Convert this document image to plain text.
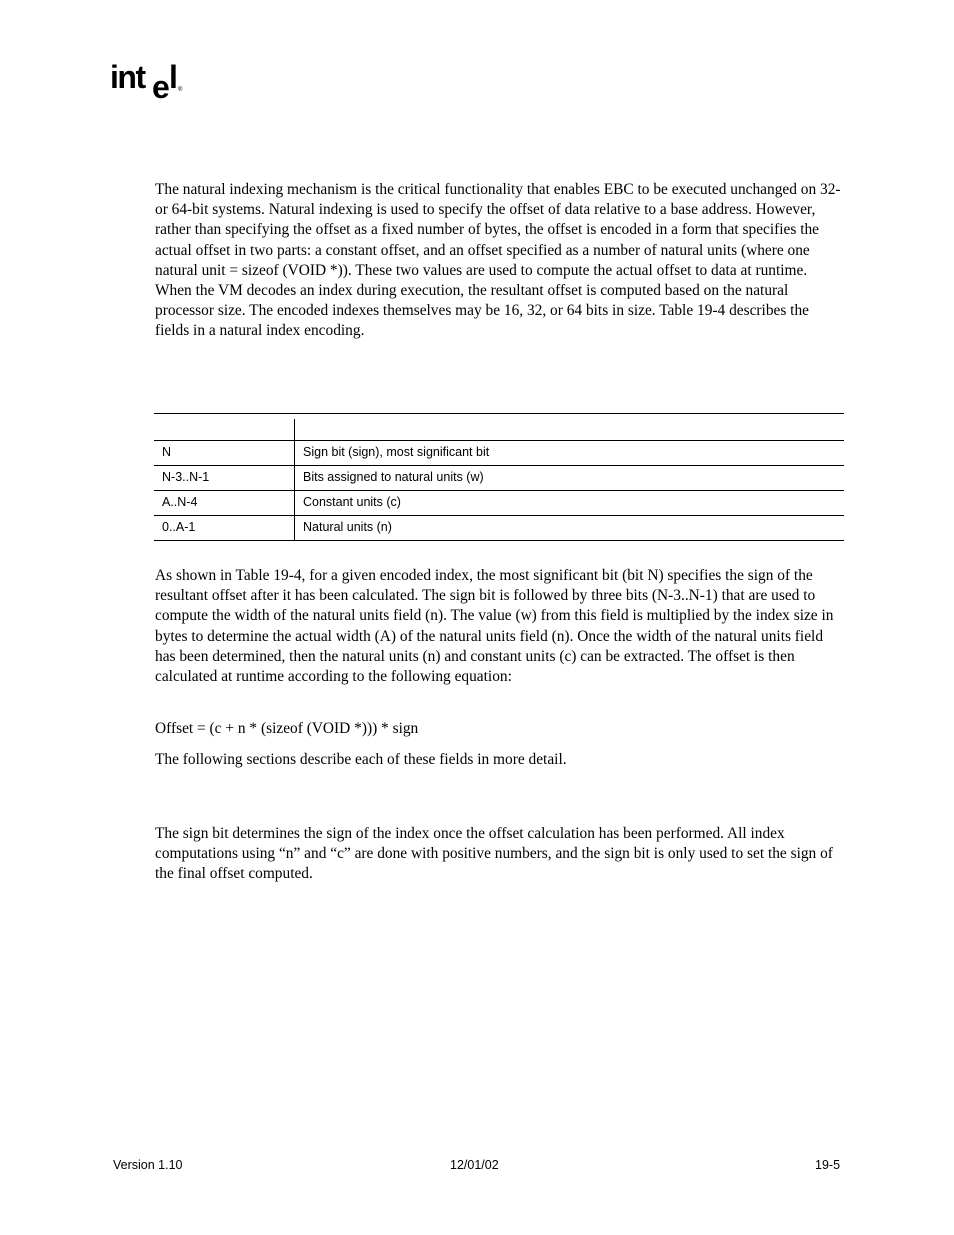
int e l ®
The natural indexing mechanism is the critical functionality that enables EBC to be executed unchanged on 32- or 64-bit systems. Natural indexing is used to specify the offset of data relative to a base address. However, rather than specifying the offset as a fixed number of bytes, the offset is encoded in a form that specifies the actual offset in two parts: a constant offset, and an offset specified as a number of natural units (where one natural unit = sizeof (VOID *)). These two values are used to compute the actual offset to data at runtime. When the VM decodes an index during execution, the resultant offset is computed based on the natural processor size. The encoded indexes themselves may be 16, 32, or 64 bits in size. Table 19-4 describes the fields in a natural index encoding.
N	Sign bit (sign), most significant bit
N-3..N-1	Bits assigned to natural units (w)
A..N-4	Constant units (c)
0..A-1	Natural units (n)
As shown in Table 19-4, for a given encoded index, the most significant bit (bit N) specifies the sign of the resultant offset after it has been calculated. The sign bit is followed by three bits (N-3..N-1) that are used to compute the width of the natural units field (n). The value (w) from this field is multiplied by the index size in bytes to determine the actual width (A) of the natural units field (n). Once the width of the natural units field has been determined, then the natural units (n) and constant units (c) can be extracted. The offset is then calculated at runtime according to the following equation:
Offset = (c + n * (sizeof (VOID *))) * sign
The following sections describe each of these fields in more detail.
The sign bit determines the sign of the index once the offset calculation has been performed. All index computations using “n” and “c” are done with positive numbers, and the sign bit is only used to set the sign of the final offset computed.
Version 1.10	12/01/02	19-5
